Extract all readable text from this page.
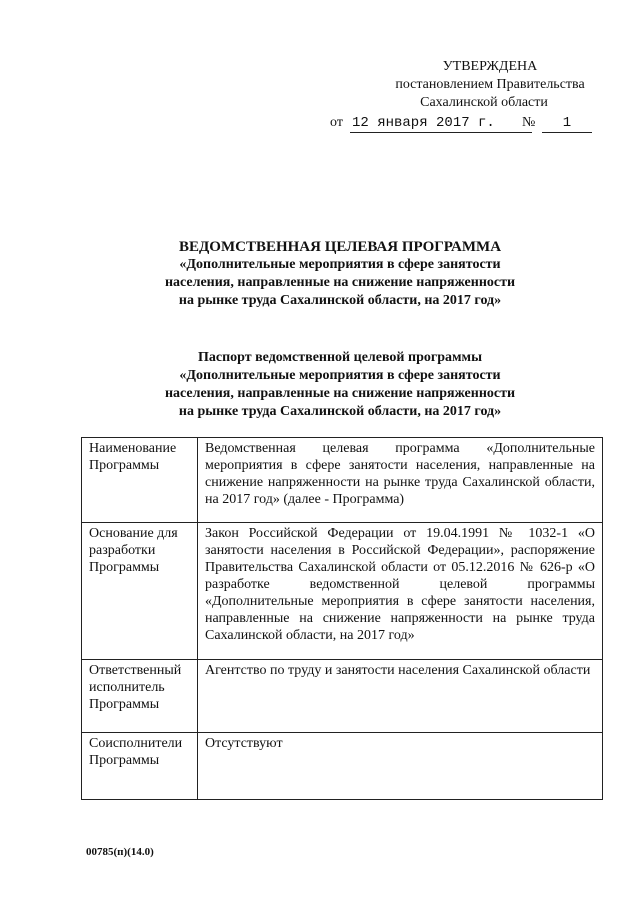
УТВЕРЖДЕНА
постановлением Правительства
Сахалинской области
от 12 января 2017 г.	№	1
ВЕДОМСТВЕННАЯ ЦЕЛЕВАЯ ПРОГРАММА
«Дополнительные мероприятия в сфере занятости
населения, направленные на снижение напряженности
на рынке труда Сахалинской области, на 2017 год»
Паспорт ведомственной целевой программы
«Дополнительные мероприятия в сфере занятости
населения, направленные на снижение напряженности
на рынке труда Сахалинской области, на 2017 год»
Наименование Программы	Ведомственная целевая программа «Дополнительные мероприятия в сфере занятости населения, направленные на снижение напряженности на рынке труда Сахалинской области, на 2017 год» (далее - Программа)
Основание для разработки Программы	Закон Российской Федерации от 19.04.1991 № 1032-1 «О занятости населения в Российской Федерации», распоряжение Правительства Сахалинской области от 05.12.2016 № 626-р «О разработке ведомственной целевой программы «Дополнительные мероприятия в сфере занятости населения, направленные на снижение напряженности на рынке труда Сахалинской области, на 2017 год»
Ответственный исполнитель Программы	Агентство по труду и занятости населения Сахалинской области
Соисполнители Программы	Отсутствуют
00785(п)(14.0)
